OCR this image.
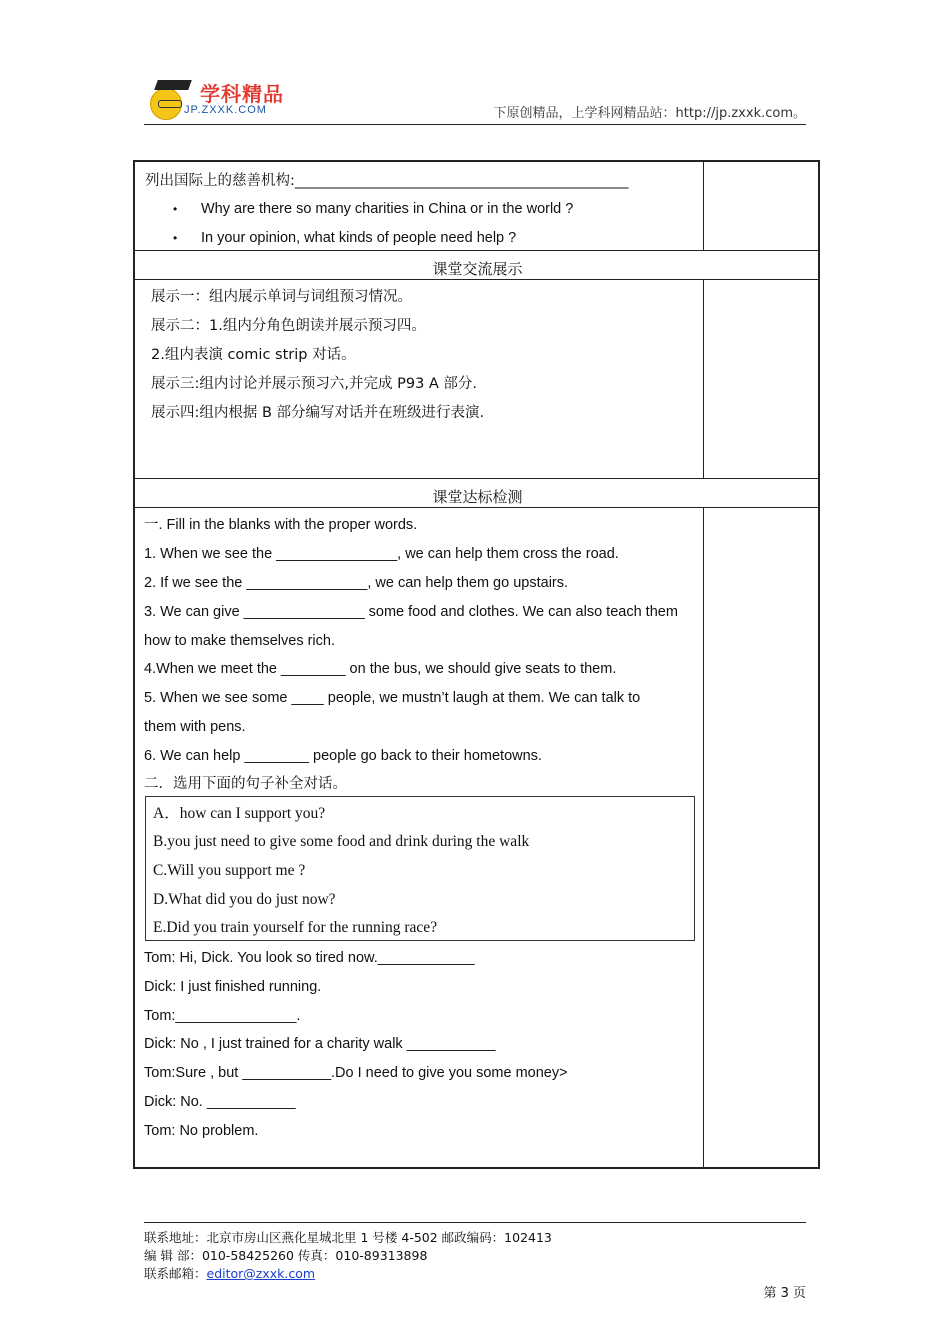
学科精品
JP.ZXXK.COM	下原创精品，上学科网精品站：http://jp.zxxk.com。
列出国际上的慈善机构:______________________________________________
• Why are there so many charities in China or in the world ?
• In your opinion, what kinds of people need help ?
课堂交流展示
展示一：组内展示单词与词组预习情况。
展示二：1.组内分角色朗读并展示预习四。
2.组内表演 comic strip 对话。
展示三:组内讨论并展示预习六,并完成 P93 A 部分.
展示四:组内根据 B 部分编写对话并在班级进行表演.
课堂达标检测
一. Fill in the blanks with the proper words.
1. When we see the _______________, we can help them cross the road.
2. If we see the _______________, we can help them go upstairs.
3. We can give _______________ some food and clothes. We can also teach them
how to make themselves rich.
4.When we meet the ________ on the bus, we should give seats to them.
5. When we see some ____ people, we mustn’t laugh at them. We can talk to
them with pens.
6. We can help ________ people go back to their hometowns.
二．选用下面的句子补全对话。
A．how can I support you?
B.you just need to give some food and drink during the walk
C.Will you support me ?
D.What did you do just now?
E.Did you train yourself for the running race?
Tom: Hi, Dick. You look so tired now.____________
Dick: I just finished running.
Tom:_______________.
Dick: No , I just trained for a charity walk ___________
Tom:Sure , but ___________.Do I need to give you some money>
Dick: No. ___________
Tom: No problem.
联系地址：北京市房山区燕化星城北里 1 号楼 4-502 邮政编码：102413
编 辑 部：010-58425260 传真：010-89313898
联系邮箱：editor@zxxk.com
第 3 页
